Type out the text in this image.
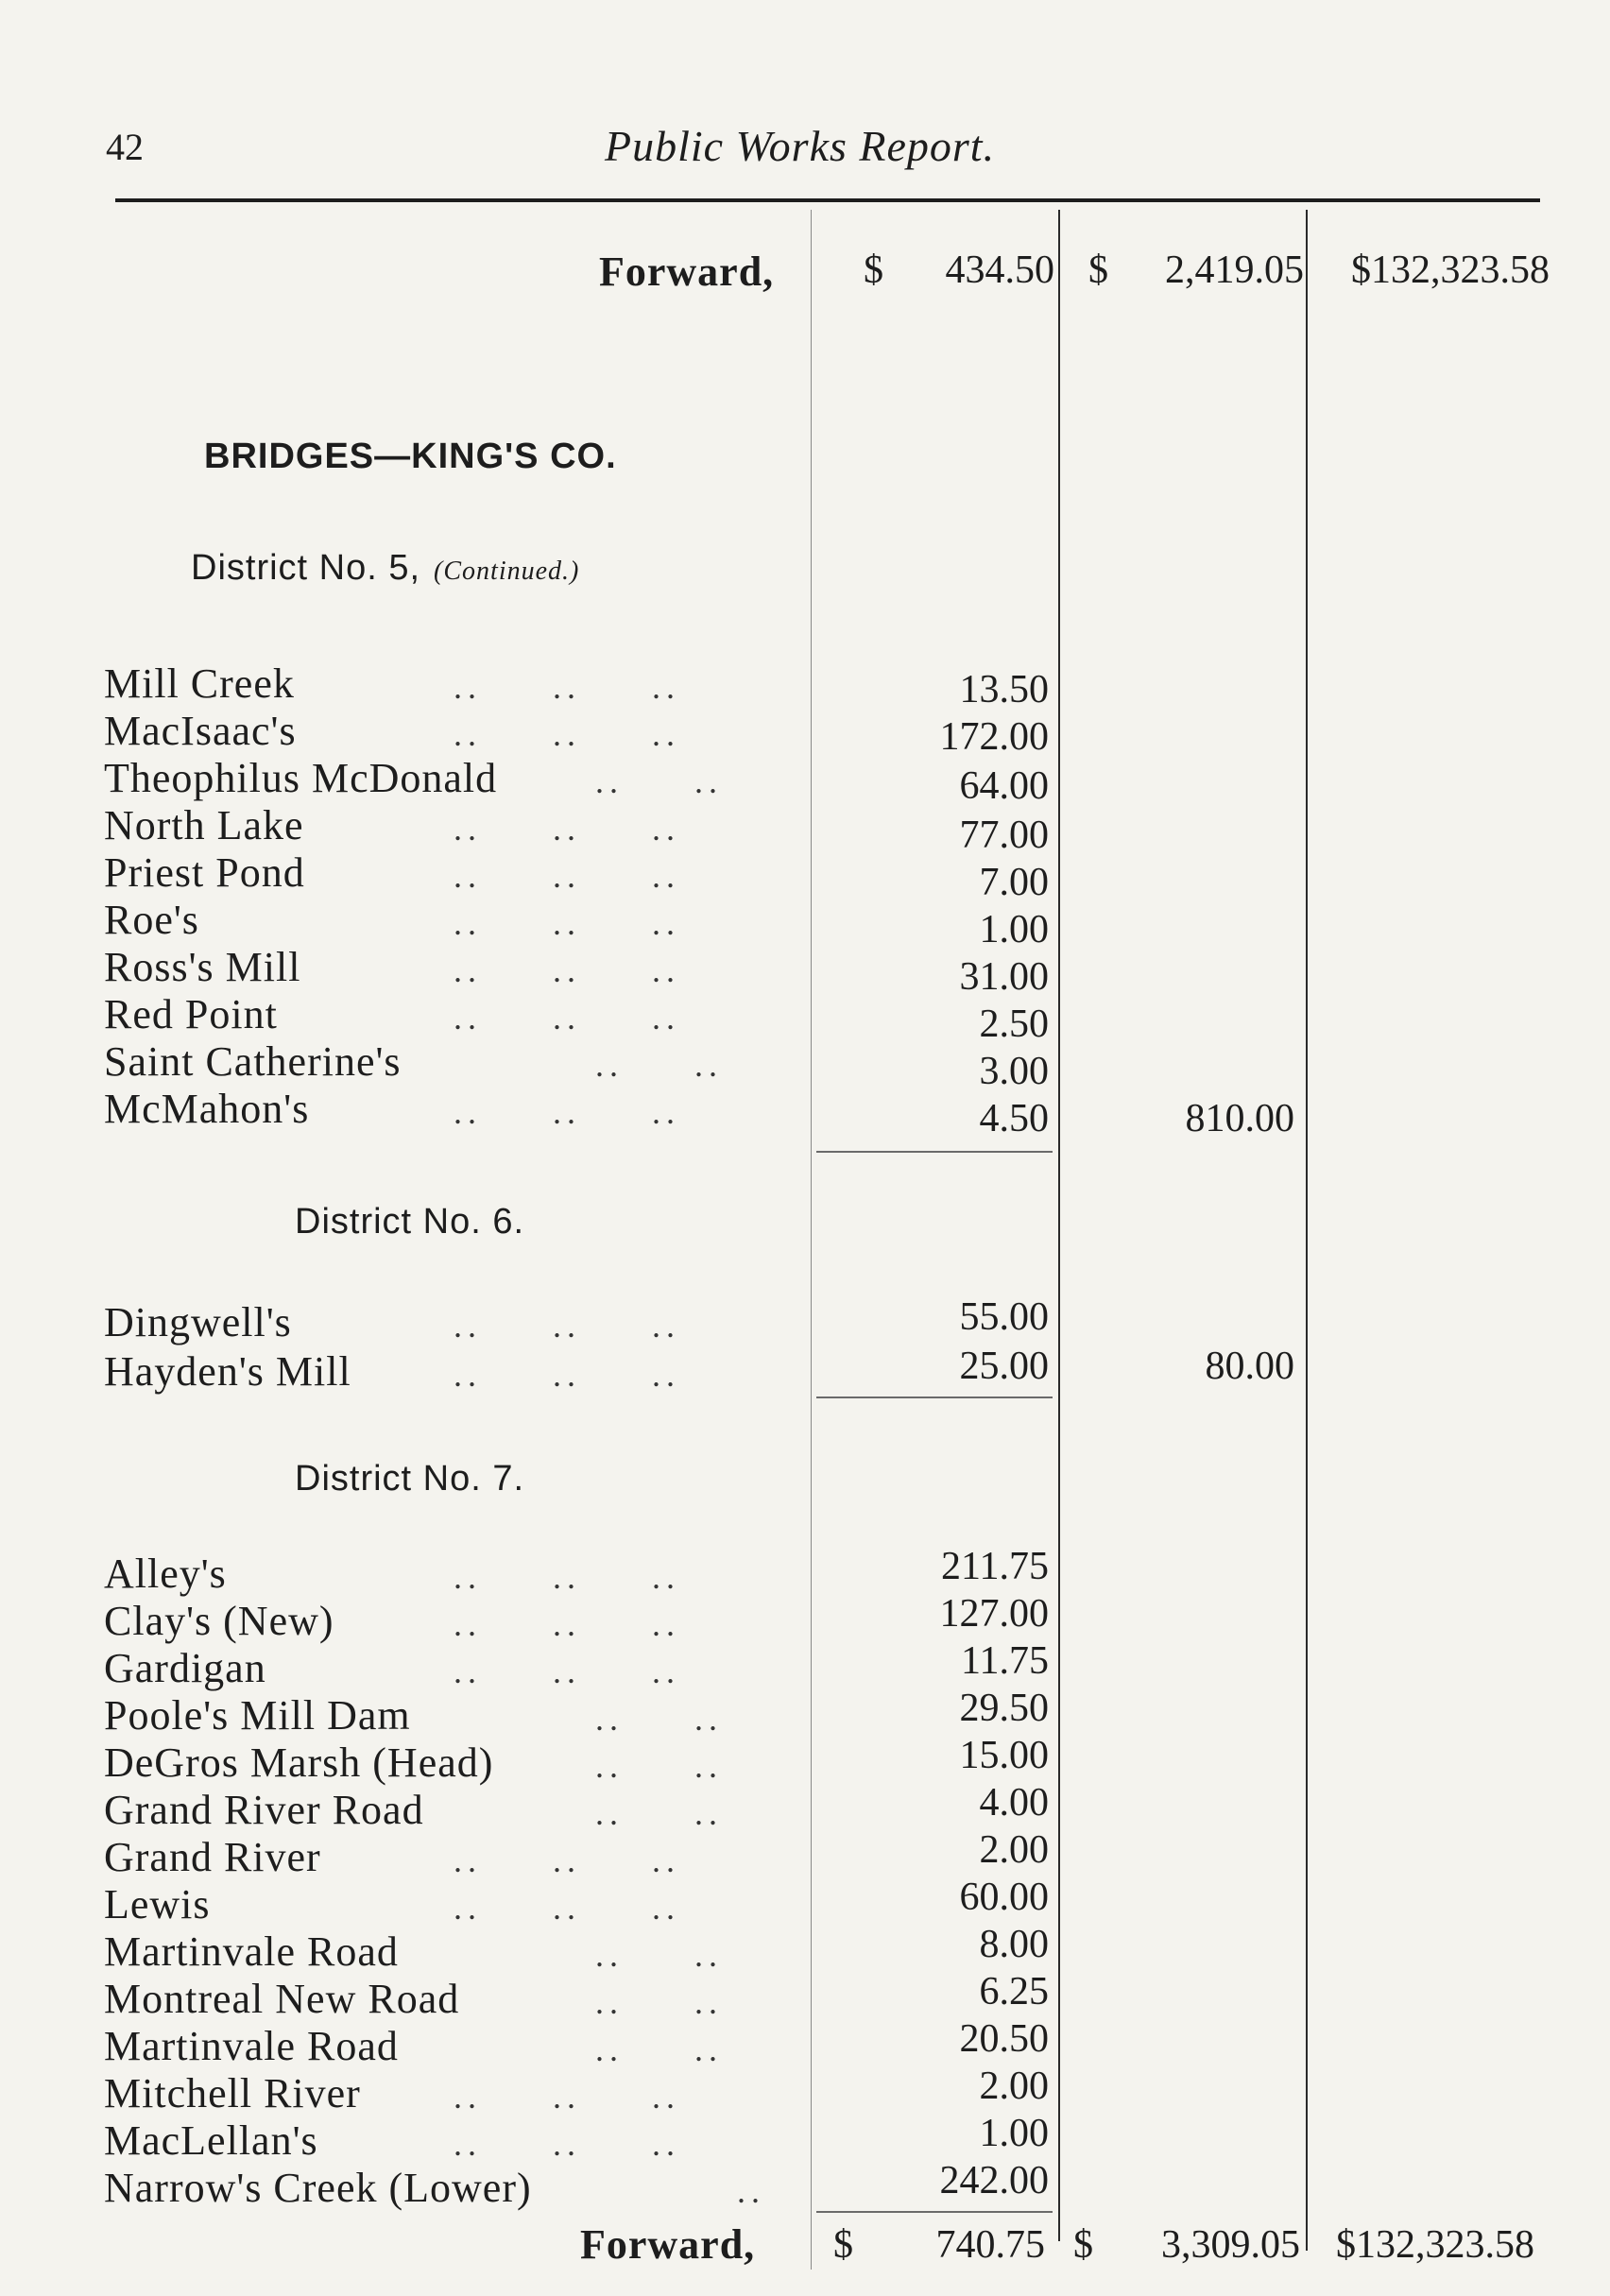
42	Public Works Report.
Forward, $	434.50 $	2,419.05	$132,323.58
BRIDGES—KING'S CO.
District No. 5, (Continued.)
Mill Creek	..     ..     ..	13.50
MacIsaac's	..     ..     ..	172.00
Theophilus McDonald	..     ..	64.00
North Lake	..     ..     ..	77.00
Priest Pond	..     ..     ..	7.00
Roe's	..     ..     ..	1.00
Ross's Mill	..     ..     ..	31.00
Red Point	..     ..     ..	2.50
Saint Catherine's	..     ..	3.00
McMahon's	..     ..     ..	4.50	810.00
District No. 6.
Dingwell's	..     ..     ..	55.00
Hayden's Mill	..     ..     ..	25.00	80.00
District No. 7.
Alley's	..     ..     ..	211.75
Clay's (New)	..     ..     ..	127.00
Gardigan	..     ..     ..	11.75
Poole's Mill Dam	..     ..	29.50
DeGros Marsh (Head)	..     ..	15.00
Grand River Road	..     ..	4.00
Grand River	..     ..     ..	2.00
Lewis	..     ..     ..	60.00
Martinvale Road	..     ..	8.00
Montreal New Road	..     ..	6.25
Martinvale Road	..     ..	20.50
Mitchell River	..     ..     ..	2.00
MacLellan's	..     ..     ..	1.00
Narrow's Creek (Lower)	..	242.00
Forward, $	740.75 $	3,309.05 $132,323.58
